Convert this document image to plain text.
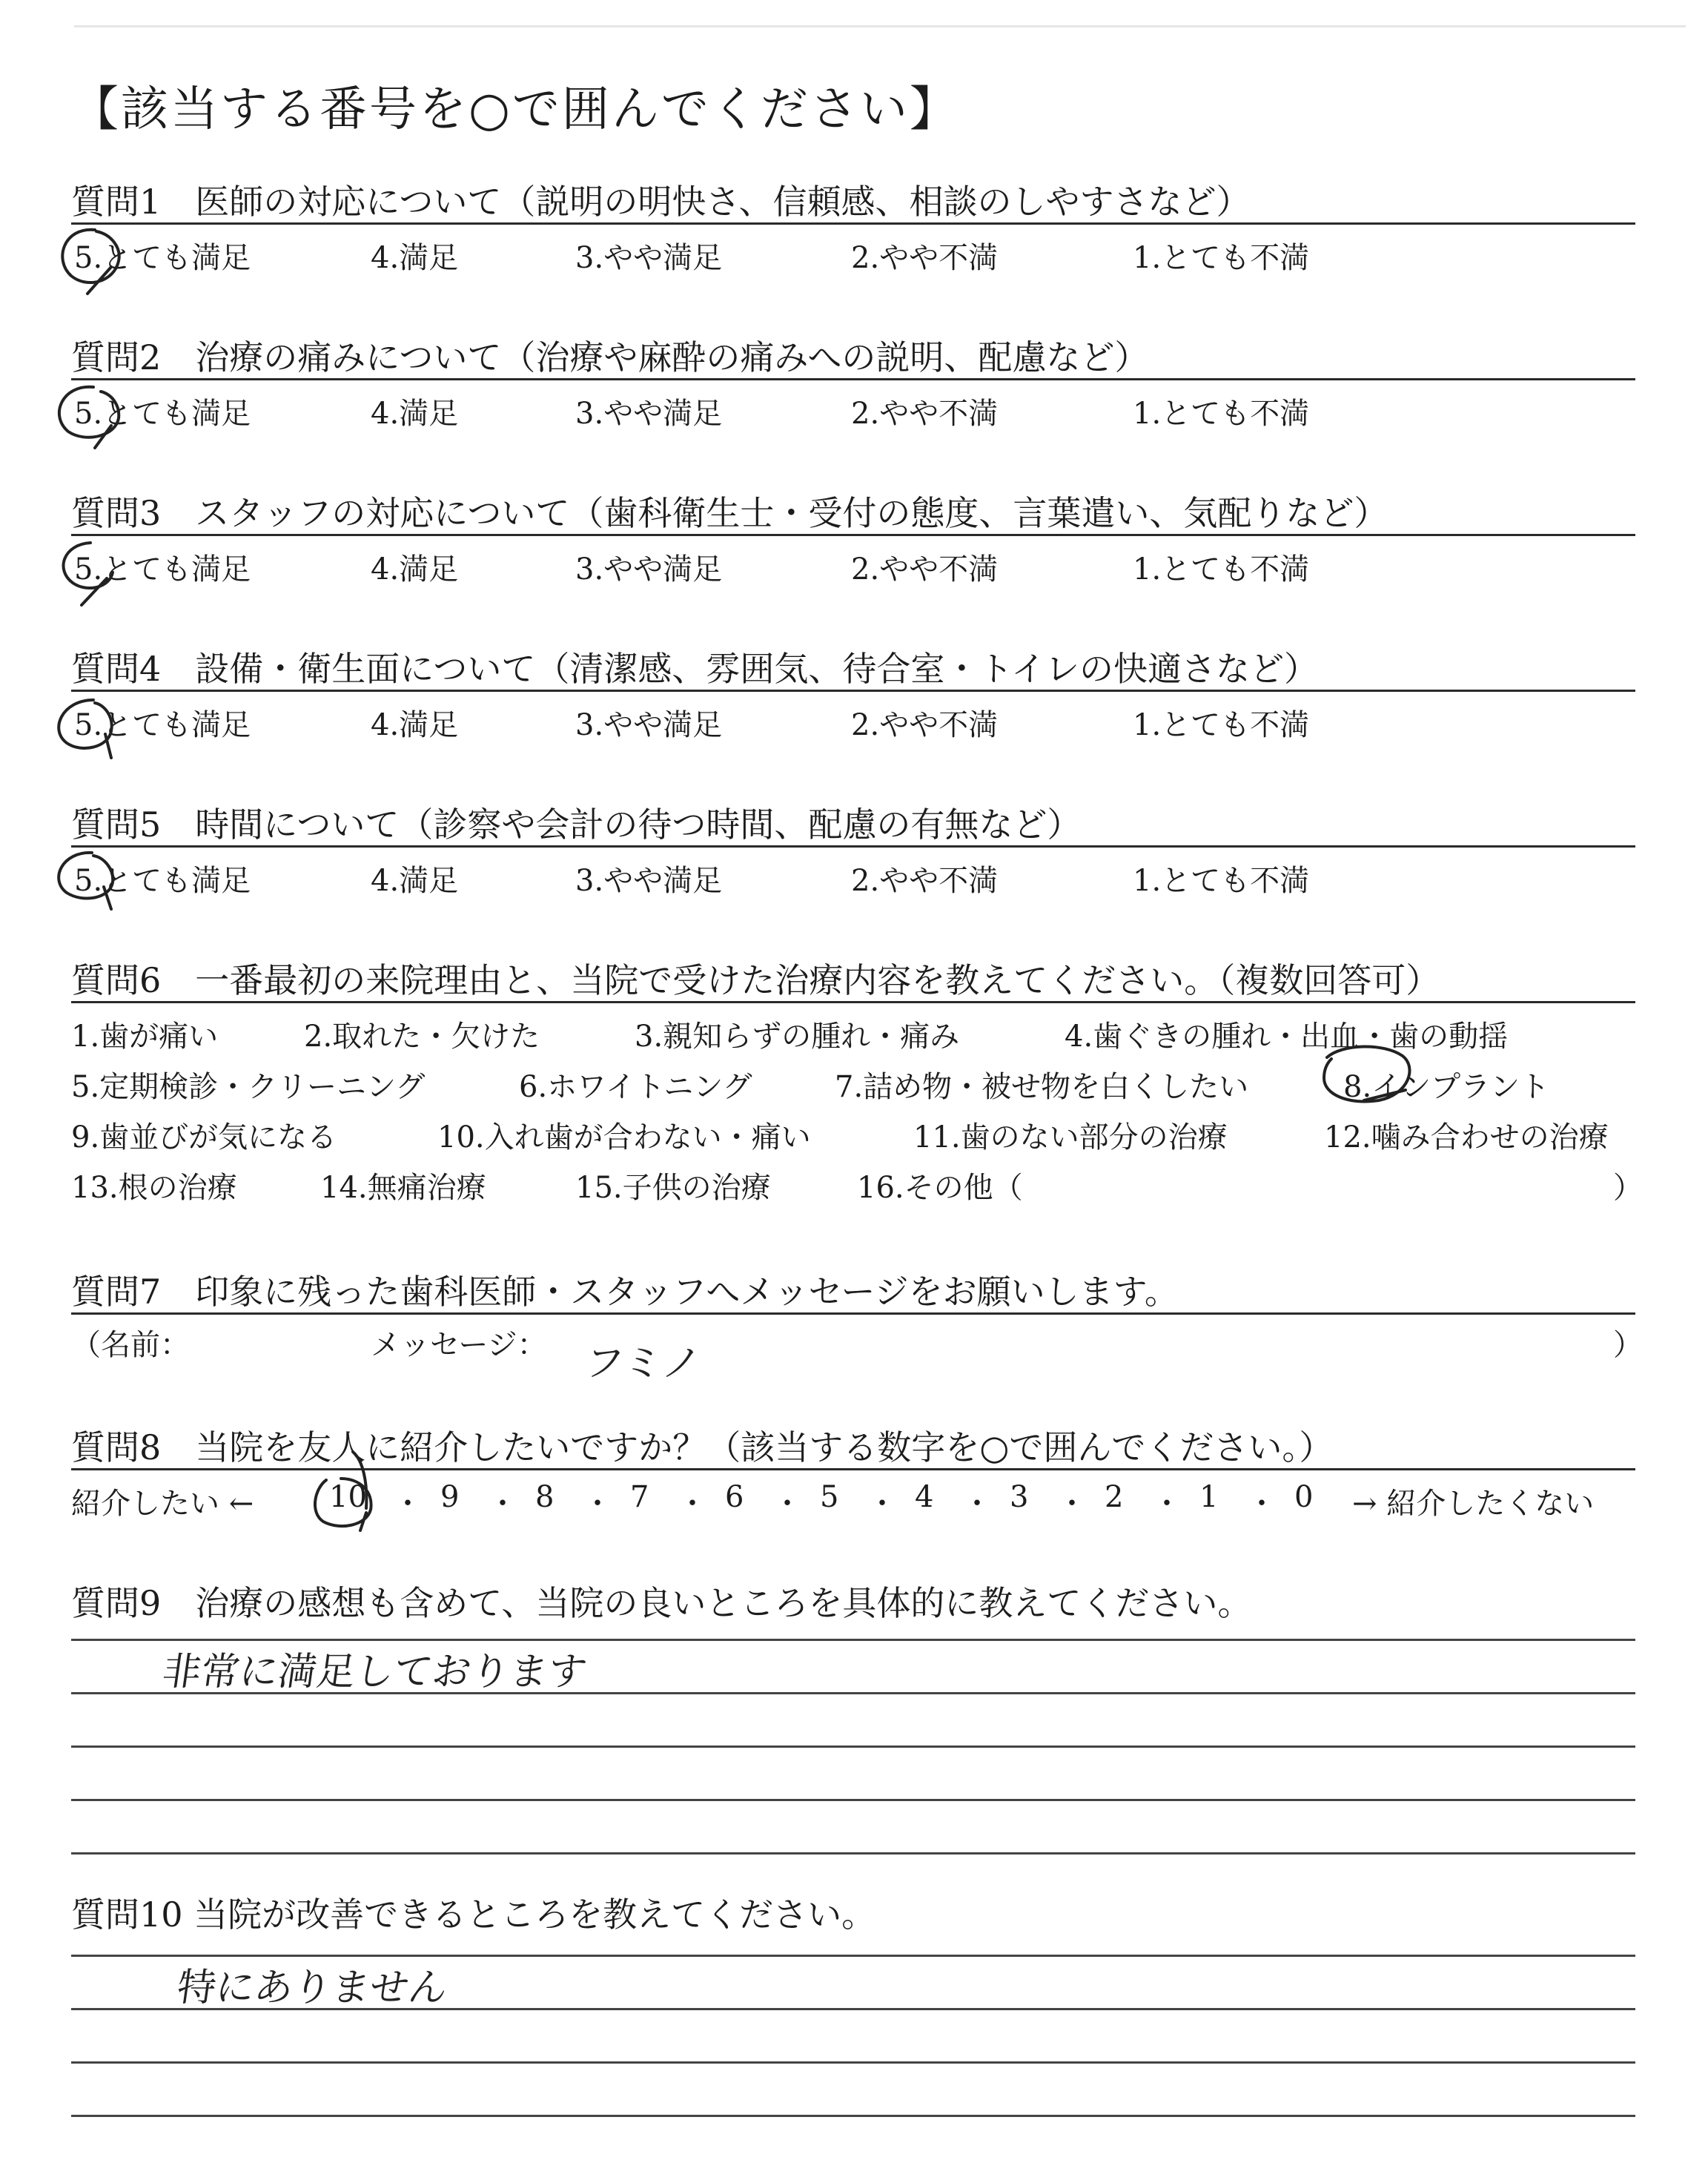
【該当する番号を○で囲んでください】
質問1　医師の対応について（説明の明快さ、信頼感、相談のしやすさなど）
5.とても満足	4.満足	3.やや満足	2.やや不満	1.とても不満
質問2　治療の痛みについて（治療や麻酔の痛みへの説明、配慮など）
5.とても満足	4.満足	3.やや満足	2.やや不満	1.とても不満
質問3　スタッフの対応について（歯科衛生士・受付の態度、言葉遣い、気配りなど）
5.とても満足	4.満足	3.やや満足	2.やや不満	1.とても不満
質問4　設備・衛生面について（清潔感、雰囲気、待合室・トイレの快適さなど）
5.とても満足	4.満足	3.やや満足	2.やや不満	1.とても不満
質問5　時間について（診察や会計の待つ時間、配慮の有無など）
5.とても満足	4.満足	3.やや満足	2.やや不満	1.とても不満
質問6　一番最初の来院理由と、当院で受けた治療内容を教えてください。（複数回答可）
1.歯が痛い	2.取れた・欠けた	3.親知らずの腫れ・痛み	4.歯ぐきの腫れ・出血・歯の動揺
5.定期検診・クリーニング	6.ホワイトニング	7.詰め物・被せ物を白くしたい	8.インプラント
9.歯並びが気になる	10.入れ歯が合わない・痛い	11.歯のない部分の治療	12.噛み合わせの治療
13.根の治療	14.無痛治療	15.子供の治療	16.その他（	）
質問7　印象に残った歯科医師・スタッフへメッセージをお願いします。
（名前：	メッセージ： フミノ	）
質問8　当院を友人に紹介したいですか？（該当する数字を○で囲んでください。）
紹介したい ←	10 9	8	7	6	5	4	3	2	1	0
・ ・ ・ ・ ・ ・ ・ ・ ・ ・	→ 紹介したくない
質問9　治療の感想も含めて、当院の良いところを具体的に教えてください。
非常に満足しております
質問10 当院が改善できるところを教えてください。
特にありません
